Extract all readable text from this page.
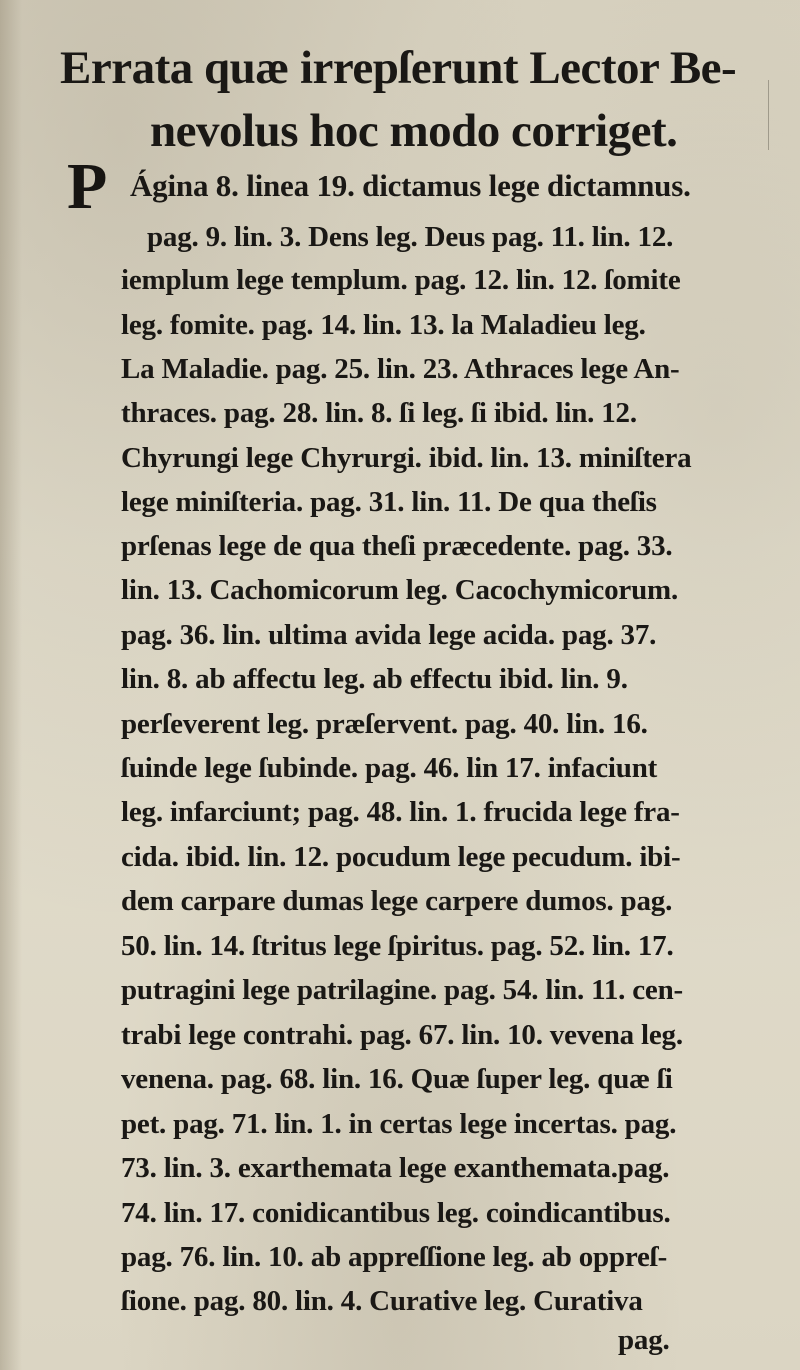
Errata quæ irrepſerunt Lector Be-
nevolus hoc modo corriget.
P Ágina 8. linea 19. dictamus lege dictamnus.
pag. 9. lin. 3. Dens leg. Deus pag. 11. lin. 12.
iemplum lege templum. pag. 12. lin. 12. ſomite
leg. fomite. pag. 14. lin. 13. la Maladieu leg.
La Maladie. pag. 25. lin. 23. Athraces lege An-
thraces. pag. 28. lin. 8. ſi leg. ſi ibid. lin. 12.
Chyrungi lege Chyrurgi. ibid. lin. 13. miniſtera
lege miniſteria. pag. 31. lin. 11. De qua theſis
prſenas lege de qua theſi præcedente. pag. 33.
lin. 13. Cachomicorum leg. Cacochymicorum.
pag. 36. lin. ultima avida lege acida. pag. 37.
lin. 8. ab affectu leg. ab effectu ibid. lin. 9.
perſeverent leg. præſervent. pag. 40. lin. 16.
ſuinde lege ſubinde. pag. 46. lin 17. infaciunt
leg. infarciunt; pag. 48. lin. 1. frucida lege fra-
cida. ibid. lin. 12. pocudum lege pecudum. ibi-
dem carpare dumas lege carpere dumos. pag.
50. lin. 14. ſtritus lege ſpiritus. pag. 52. lin. 17.
putragini lege patrilagine. pag. 54. lin. 11. cen-
trabi lege contrahi. pag. 67. lin. 10. vevena leg.
venena. pag. 68. lin. 16. Quæ ſuper leg. quæ ſi
pet. pag. 71. lin. 1. in certas lege incertas. pag.
73. lin. 3. exarthemata lege exanthemata.pag.
74. lin. 17. conidicantibus leg. coindicantibus.
pag. 76. lin. 10. ab appreſſione leg. ab oppreſ-
ſione. pag. 80. lin. 4. Curative leg. Curativa
pag.
